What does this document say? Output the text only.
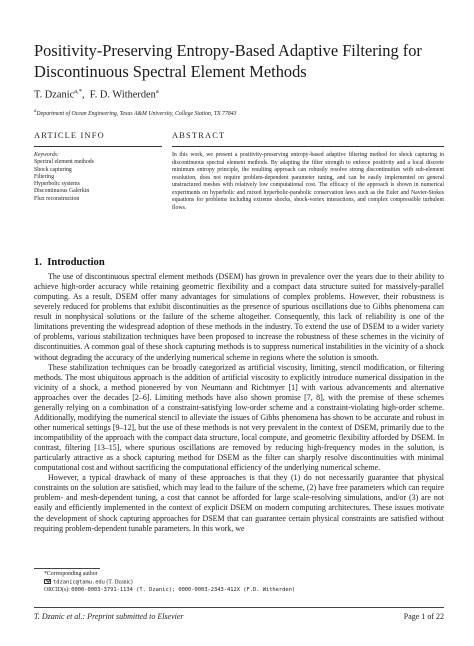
Positivity-Preserving Entropy-Based Adaptive Filtering for Discontinuous Spectral Element Methods
T. Dzanic$^{a,*}$, F. D. Witherden$^a$
$^a$Department of Ocean Engineering, Texas A&M University, College Station, TX 77843
ARTICLE INFO	ABSTRACT
Keywords:
Spectral element methods
Shock capturing
Filtering
Hyperbolic systems
Discontinuous Galerkin
Flux reconstruction
In this work, we present a positivity-preserving entropy-based adaptive filtering method for shock capturing in discontinuous spectral element methods. By adapting the filter strength to enforce positivity and a local discrete minimum entropy principle, the resulting approach can robustly resolve strong discontinuities with sub-element resolution, does not require problem-dependent parameter tuning, and can be easily implemented on general unstructured meshes with relatively low computational cost. The efficacy of the approach is shown in numerical experiments on hyperbolic and mixed hyperbolic-parabolic conservation laws such as the Euler and Navier-Stokes equations for problems including extreme shocks, shock-vortex interactions, and complex compressible turbulent flows.
1. Introduction

The use of discontinuous spectral element methods (DSEM) has grown in prevalence over the years due to their ability to achieve high-order accuracy while retaining geometric flexibility and a compact data structure suited for massively-parallel computing. As a result, DSEM offer many advantages for simulations of complex problems. However, their robustness is severely reduced for problems that exhibit discontinuities as the presence of spurious oscillations due to Gibbs phenomena can result in nonphysical solutions or the failure of the scheme altogether. Consequently, this lack of reliability is one of the limitations preventing the widespread adoption of these methods in the industry. To extend the use of DSEM to a wider variety of problems, various stabilization techniques have been proposed to increase the robustness of these schemes in the vicinity of discontinuities. A common goal of these shock capturing methods is to suppress numerical instabilities in the vicinity of a shock without degrading the accuracy of the underlying numerical scheme in regions where the solution is smooth.

These stabilization techniques can be broadly categorized as artificial viscosity, limiting, stencil modification, or filtering methods. The most ubiquitous approach is the addition of artificial viscosity to explicitly introduce numerical dissipation in the vicinity of a shock, a method pioneered by von Neumann and Richtmyer [1] with various advancements and alternative approaches over the decades [2–6]. Limiting methods have also shown promise [7, 8], with the premise of these schemes generally relying on a combination of a constraint-satisfying low-order scheme and a constraint-violating high-order scheme. Additionally, modifying the numerical stencil to alleviate the issues of Gibbs phenomena has shown to be accurate and robust in other numerical settings [9–12], but the use of these methods is not very prevalent in the context of DSEM, primarily due to the incompatibility of the approach with the compact data structure, local compute, and geometric flexibility afforded by DSEM. In contrast, filtering [13–15], where spurious oscillations are removed by reducing high-frequency modes in the solution, is particularly attractive as a shock capturing method for DSEM as the filter can sharply resolve discontinuities with minimal computational cost and without sacrificing the computational efficiency of the underlying numerical scheme.

However, a typical drawback of many of these approaches is that they (1) do not necessarily guarantee that physical constraints on the solution are satisfied, which may lead to the failure of the scheme, (2) have free parameters which can require problem- and mesh-dependent tuning, a cost that cannot be afforded for large scale-resolving simulations, and/or (3) are not easily and efficiently implemented in the context of explicit DSEM on modern computing architectures. These issues motivate the development of shock capturing approaches for DSEM that can guarantee certain physical constraints are satisfied without requiring problem-dependent tunable parameters. In this work, we

*Corresponding author
tdzanic@tamu.edu (T. Dzanic)
ORCID(s): 0000-0003-3791-1134 (T. Dzanic); 0000-0003-2343-412X (F.D. Witherden)
T. Dzanic et al.: Preprint submitted to Elsevier	Page 1 of 22
